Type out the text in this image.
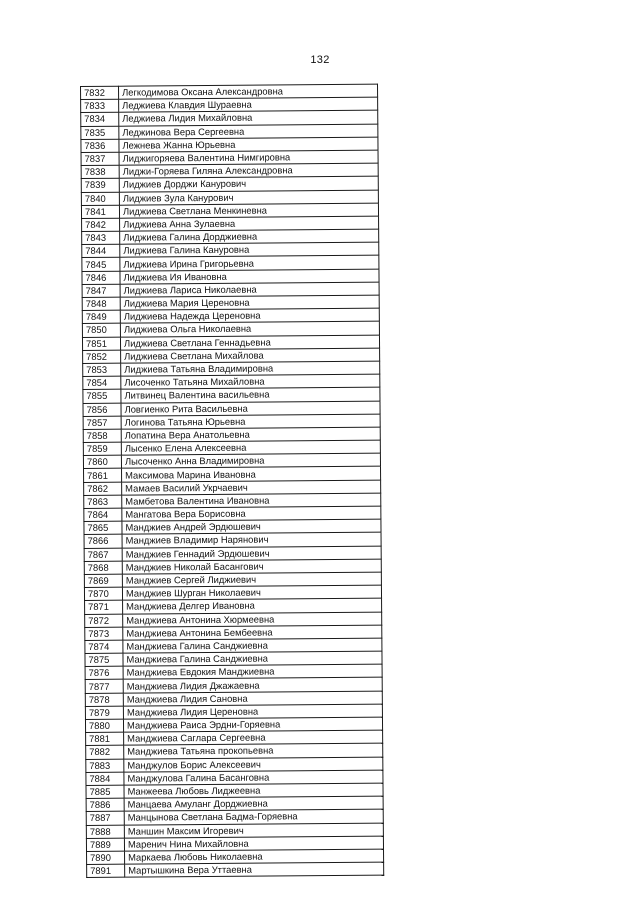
132
7832	Легкодимова Оксана Александровна
7833	Леджиева Клавдия Шураевна
7834	Леджиева Лидия Михайловна
7835	Леджинова Вера Сергеевна
7836	Лежнева Жанна Юрьевна
7837	Лиджигоряева Валентина Нимгировна
7838	Лиджи-Горяева Гиляна Александровна
7839	Лиджиев Дорджи Канурович
7840	Лиджиев Зула Канурович
7841	Лиджиева Светлана Менкиневна
7842	Лиджиева Анна Зулаевна
7843	Лиджиева Галина Дорджиевна
7844	Лиджиева Галина Кануровна
7845	Лиджиева Ирина Григорьевна
7846	Лиджиева Ия Ивановна
7847	Лиджиева Лариса Николаевна
7848	Лиджиева Мария Цереновна
7849	Лиджиева Надежда Цереновна
7850	Лиджиева Ольга Николаевна
7851	Лиджиева Светлана Геннадьевна
7852	Лиджиева Светлана Михайлова
7853	Лиджиева Татьяна Владимировна
7854	Лисоченко Татьяна Михайловна
7855	Литвинец Валентина васильевна
7856	Ловгиенко Рита Васильевна
7857	Логинова Татьяна Юрьевна
7858	Лопатина Вера Анатольевна
7859	Лысенко Елена Алексеевна
7860	Лысоченко Анна Владимировна
7861	Максимова Марина Ивановна
7862	Мамаев Василий Укрчаевич
7863	Мамбетова Валентина Ивановна
7864	Мангатова Вера Борисовна
7865	Манджиев Андрей Эрдюшевич
7866	Манджиев Владимир Нарянович
7867	Манджиев Геннадий Эрдюшевич
7868	Манджиев Николай Басангович
7869	Манджиев Сергей Лиджиевич
7870	Манджиев Шурган Николаевич
7871	Манджиева Делгер Ивановна
7872	Манджиева Антонина Хюрмеевна
7873	Манджиева Антонина Бембеевна
7874	Манджиева Галина Санджиевна
7875	Манджиева Галина Санджиевна
7876	Манджиева Евдокия Манджиевна
7877	Манджиева Лидия Джажаевна
7878	Манджиева Лидия Сановна
7879	Манджиева Лидия Цереновна
7880	Манджиева Раиса Эрдни-Горяевна
7881	Манджиева Саглара Сергеевна
7882	Манджиева Татьяна прокопьевна
7883	Манджулов Борис Алексеевич
7884	Манджулова Галина Басанговна
7885	Манжеева Любовь Лиджеевна
7886	Манцаева Амуланг Дорджиевна
7887	Манцынова Светлана Бадма-Горяевна
7888	Маншин Максим Игоревич
7889	Маренич Нина Михайловна
7890	Маркаева Любовь Николаевна
7891	Мартышкина Вера Уттаевна
